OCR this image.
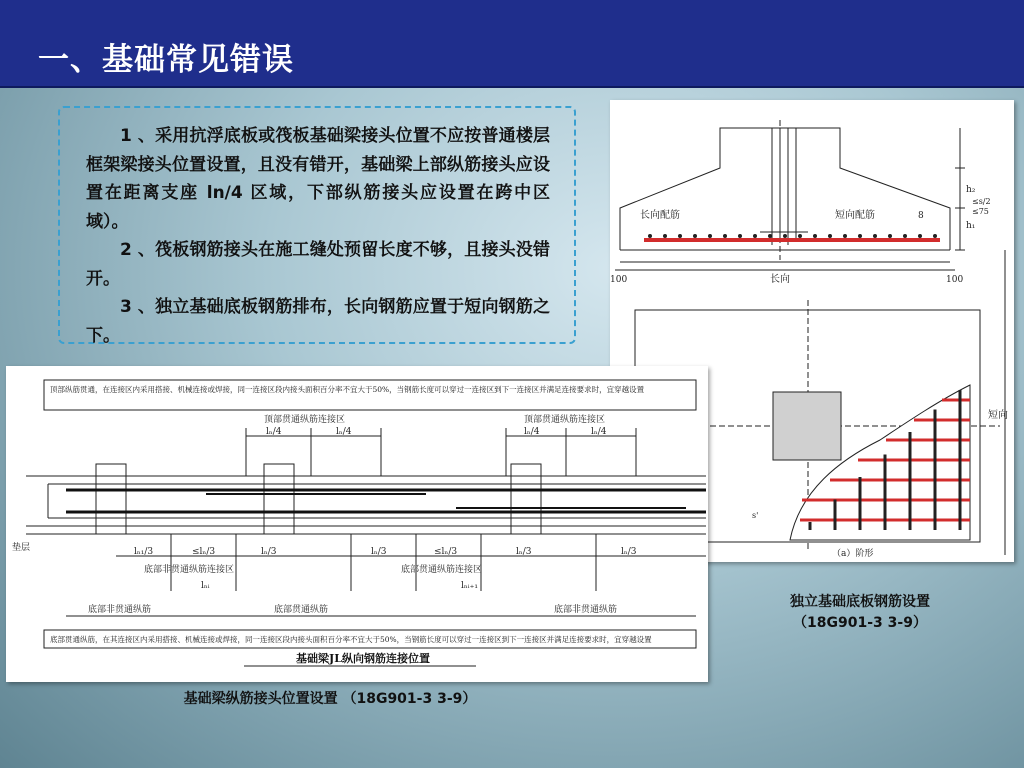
一、基础常见错误

1 、采用抗浮底板或筏板基础梁接头位置不应按普通楼层框架梁接头位置设置，且没有错开，基础梁上部纵筋接头应设置在距离支座 ln/4 区域，下部纵筋接头应设置在跨中区域）。

2 、筏板钢筋接头在施工缝处预留长度不够，且接头没错开。

3 、独立基础底板钢筋排布，长向钢筋应置于短向钢筋之下。

长向配筋	短向配筋	8
h₂
h₁
≤s/2
≤75
100	100
长向
短向
s'
（a）阶形
独立基础底板钢筋设置
（18G901-3 3-9）
顶部纵筋贯通，在连接区内采用搭接、机械连接或焊接，同一连接区段内接头面积百分率不宜大于50%，当钢筋长度可以穿过一连接区到下一连接区并满足连接要求时，宜穿越设置
顶部贯通纵筋连接区	顶部贯通纵筋连接区
lₙ/4	lₙ/4	lₙ/4	lₙ/4
垫层	lₙ₁/3	≤lₙ/3	lₙ/3	lₙ/3	≤lₙ/3	lₙ/3	lₙ/3
底部非贯通纵筋连接区	底部贯通纵筋连接区
lₙᵢ	lₙᵢ₊₁
底部非贯通纵筋	底部贯通纵筋	底部非贯通纵筋
底部贯通纵筋，在其连接区内采用搭接、机械连接或焊接，同一连接区段内接头面积百分率不宜大于50%，当钢筋长度可以穿过一连接区到下一连接区并满足连接要求时，宜穿越设置
基础梁JL纵向钢筋连接位置
基础梁纵筋接头位置设置 （18G901-3 3-9）
